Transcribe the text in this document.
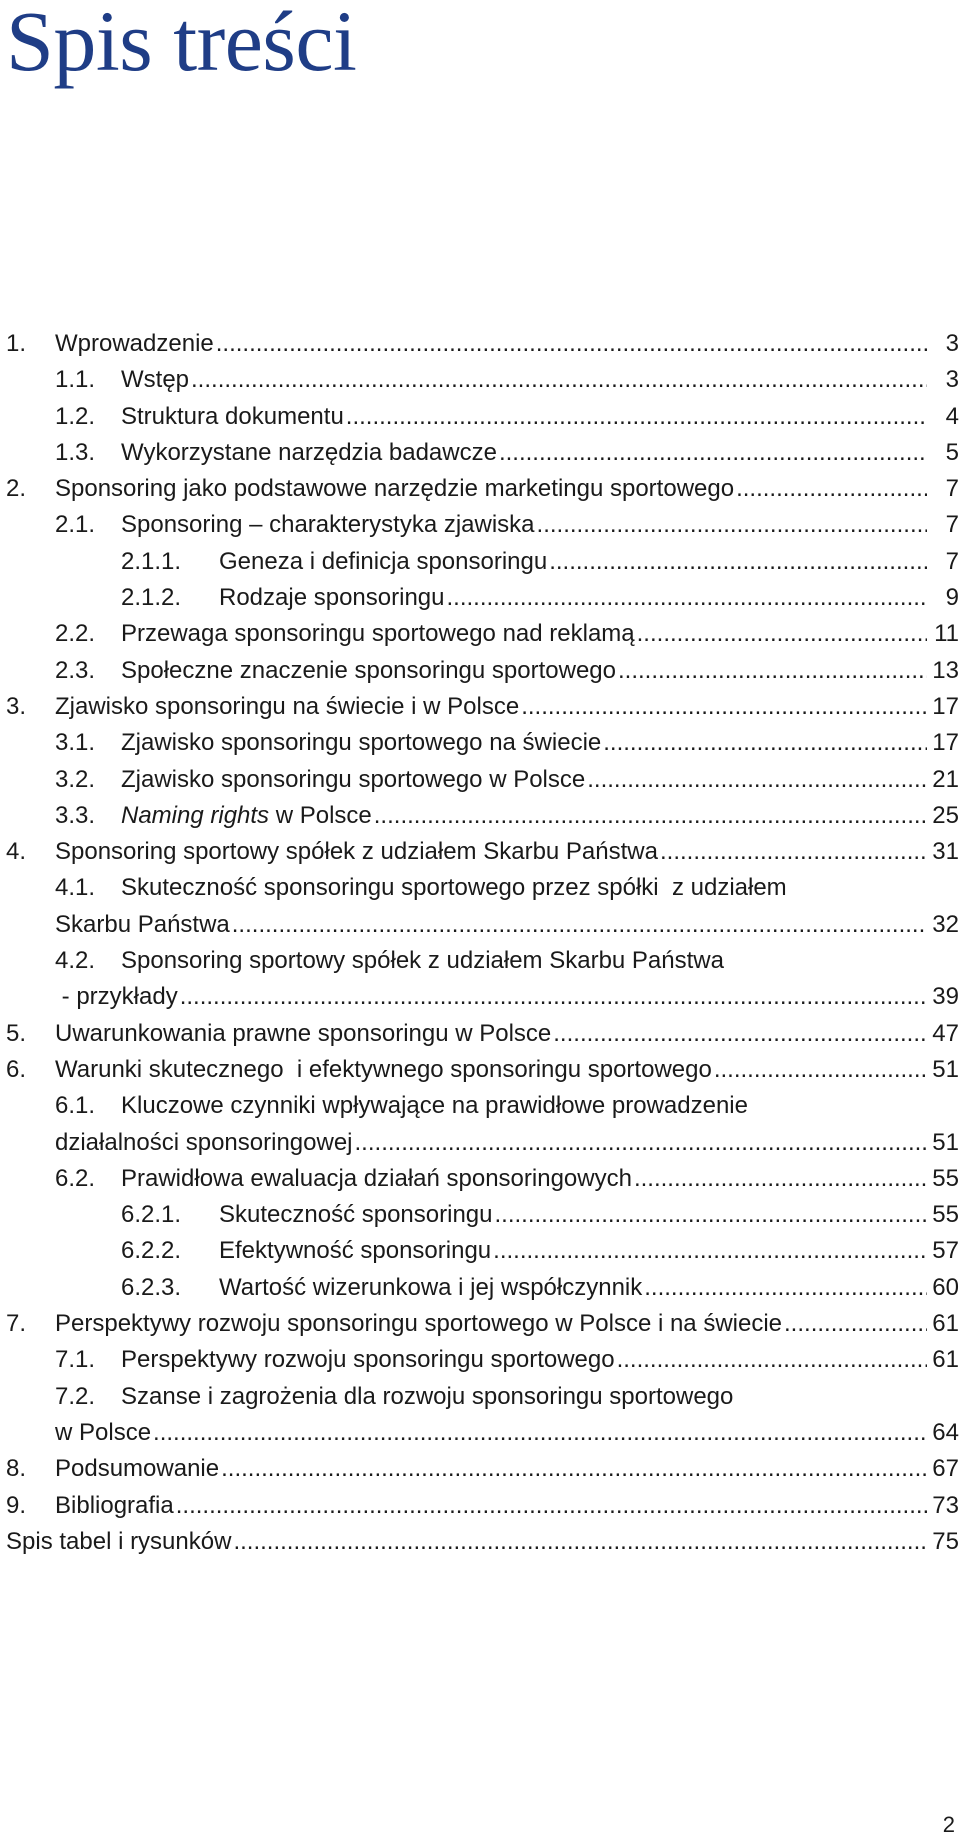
Spis treści
1.	Wprowadzenie .....	3
1.1.	Wstęp .....	3
1.2.	Struktura dokumentu .....	4
1.3.	Wykorzystane narzędzia badawcze .....	5
2.	Sponsoring jako podstawowe narzędzie marketingu sportowego .....	7
2.1.	Sponsoring – charakterystyka zjawiska .....	7
2.1.1.	Geneza i definicja sponsoringu .....	7
2.1.2.	Rodzaje sponsoringu .....	9
2.2.	Przewaga sponsoringu sportowego nad reklamą .....	11
2.3.	Społeczne znaczenie sponsoringu sportowego .....	13
3.	Zjawisko sponsoringu na świecie i w Polsce .....	17
3.1.	Zjawisko sponsoringu sportowego na świecie .....	17
3.2.	Zjawisko sponsoringu sportowego w Polsce .....	21
3.3.	Naming rights w Polsce .....	25
4.	Sponsoring sportowy spółek z udziałem Skarbu Państwa .....	31
4.1.	Skuteczność sponsoringu sportowego przez spółki  z udziałem
Skarbu Państwa .....	32
4.2.	Sponsoring sportowy spółek z udziałem Skarbu Państwa
- przykłady .....	39
5.	Uwarunkowania prawne sponsoringu w Polsce .....	47
6.	Warunki skutecznego  i efektywnego sponsoringu sportowego .....	51
6.1.	Kluczowe czynniki wpływające na prawidłowe prowadzenie
działalności sponsoringowej .....	51
6.2.	Prawidłowa ewaluacja działań sponsoringowych .....	55
6.2.1.	Skuteczność sponsoringu .....	55
6.2.2.	Efektywność sponsoringu .....	57
6.2.3.	Wartość wizerunkowa i jej współczynnik .....	60
7.	Perspektywy rozwoju sponsoringu sportowego w Polsce i na świecie .....	61
7.1.	Perspektywy rozwoju sponsoringu sportowego .....	61
7.2.	Szanse i zagrożenia dla rozwoju sponsoringu sportowego
w Polsce .....	64
8.	Podsumowanie .....	67
9.	Bibliografia .....	73
Spis tabel i rysunków .....	75
2
